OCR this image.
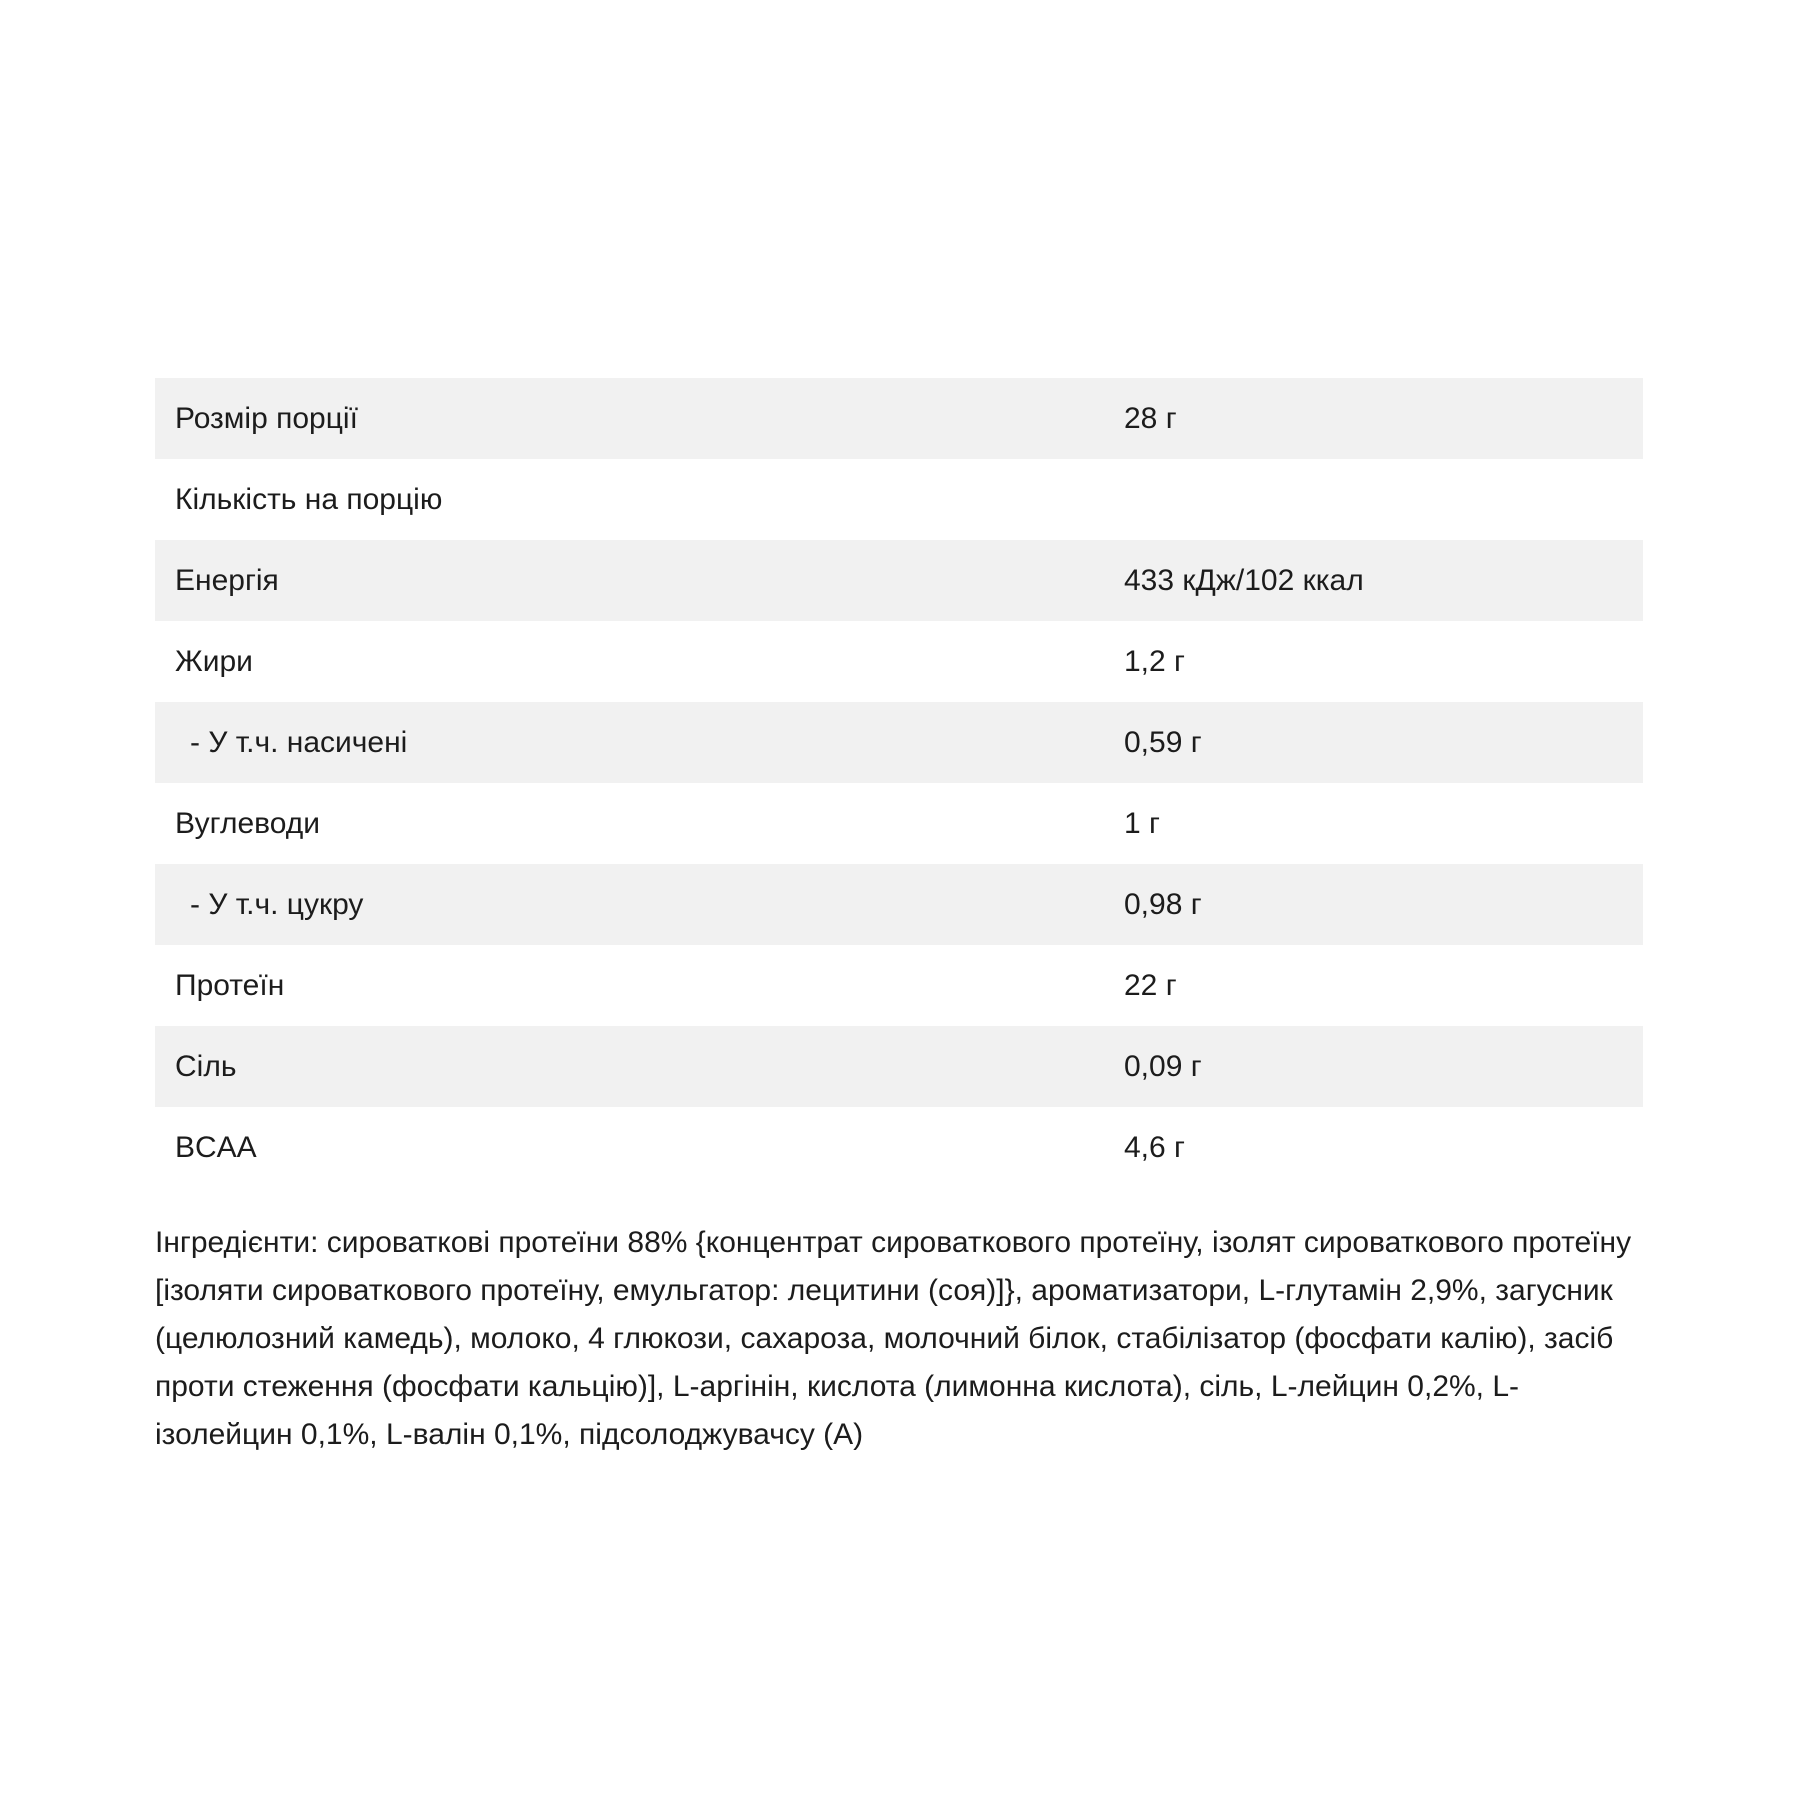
Розмір порції	28 г
Кількість на порцію
Енергія	433 кДж/102 ккал
Жири	1,2 г
- У т.ч. насичені	0,59 г
Вуглеводи	1 г
- У т.ч. цукру	0,98 г
Протеїн	22 г
Сіль	0,09 г
BCAA	4,6 г

Інгредієнти: сироваткові протеїни 88% {концентрат сироваткового протеїну, ізолят сироваткового протеїну [ізоляти сироваткового протеїну, емульгатор: лецитини (соя)]}, ароматизатори, L-глутамін 2,9%, загусник (целюлозний камедь), молоко, 4 глюкози, сахароза, молочний білок, стабілізатор (фосфати калію), засіб проти стеження (фосфати кальцію)], L-аргінін, кислота (лимонна кислота), сіль, L-лейцин 0,2%, L-ізолейцин 0,1%, L-валін 0,1%, підсолоджувачсу (А)
